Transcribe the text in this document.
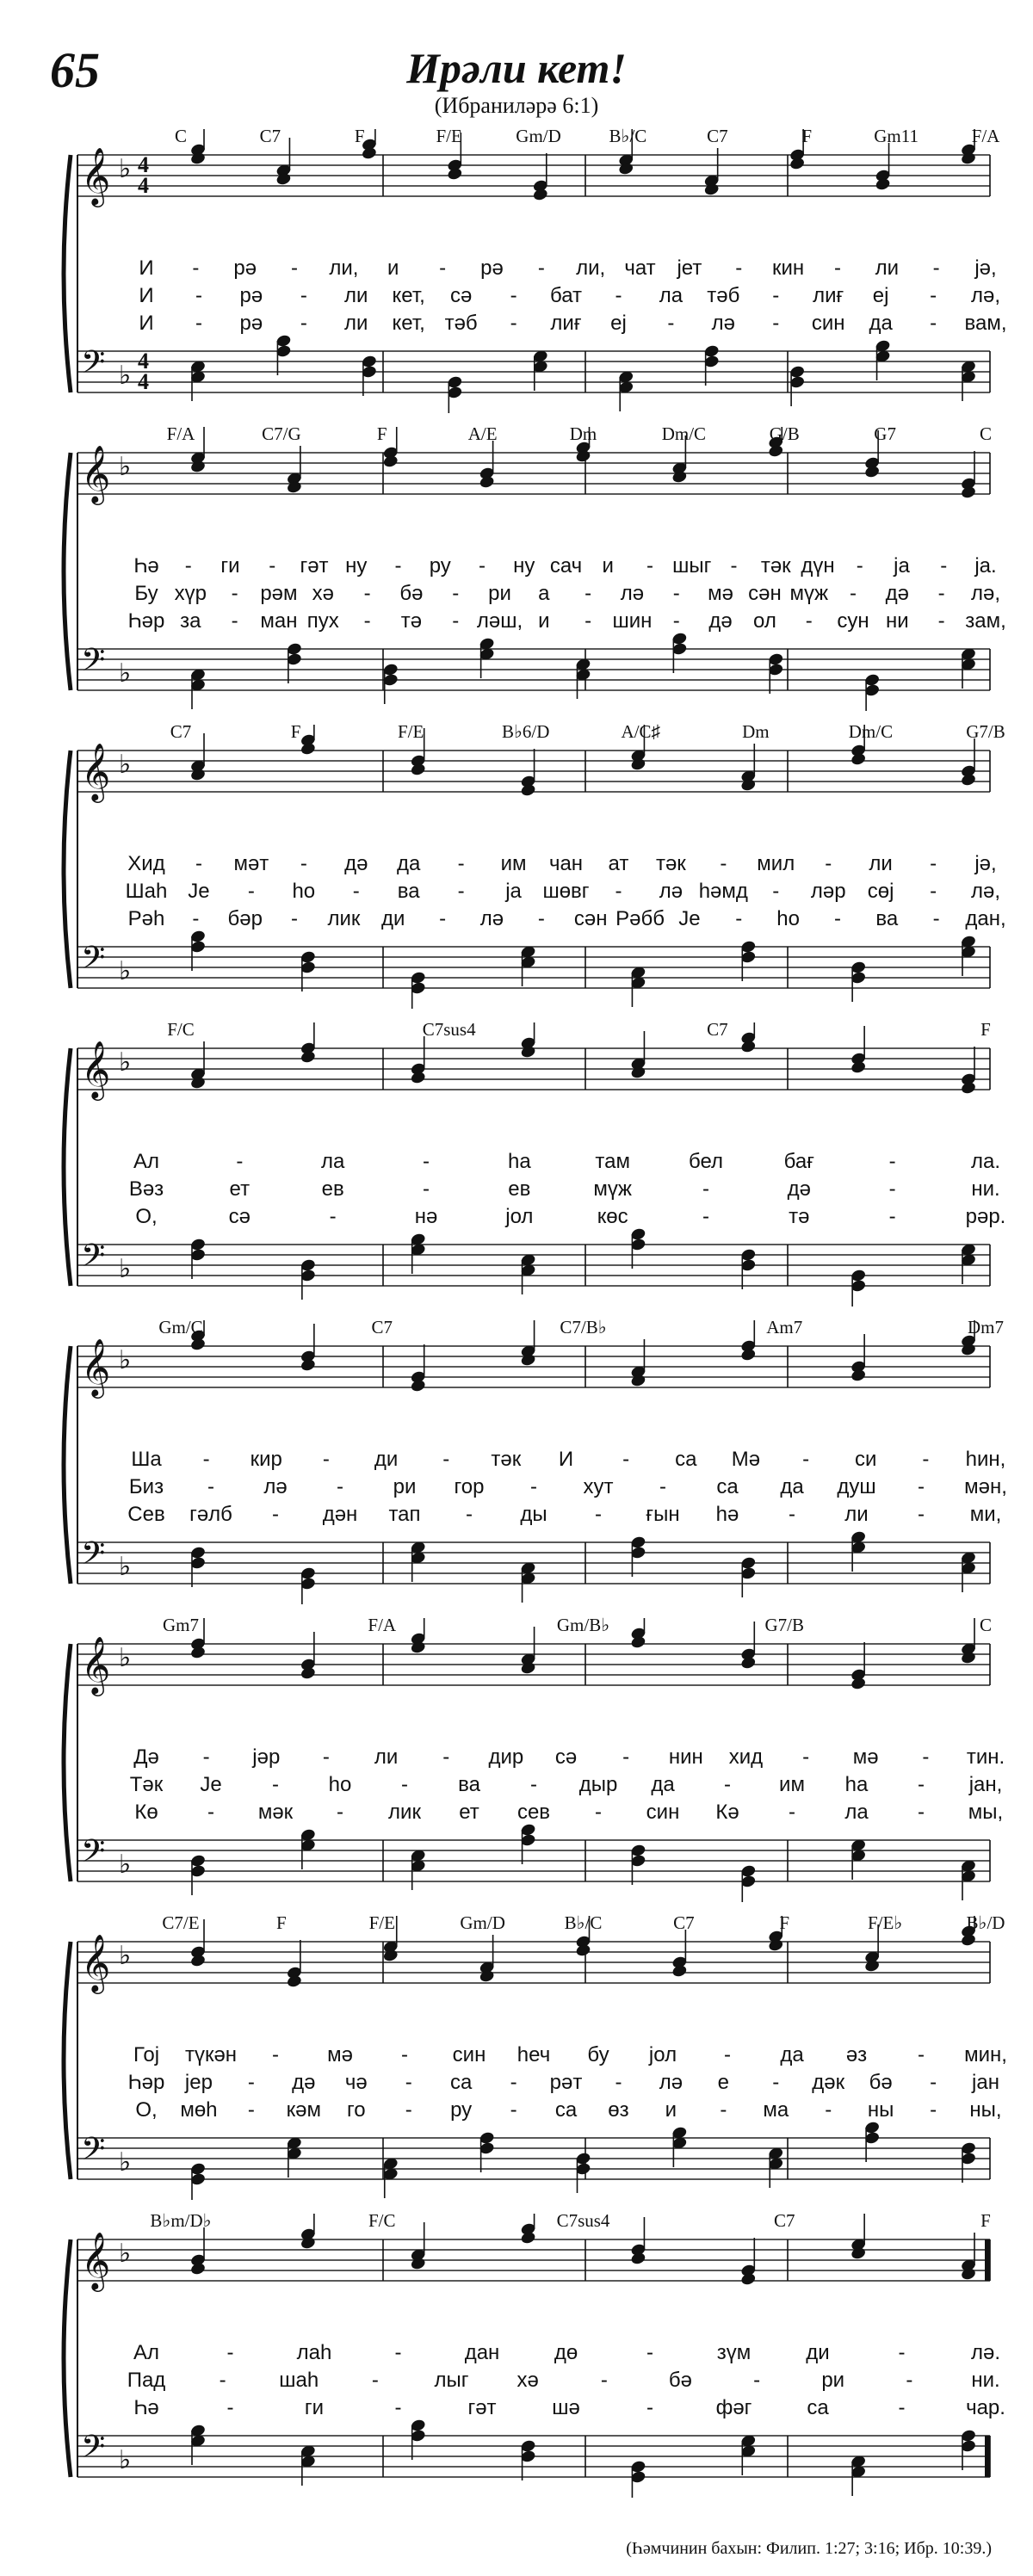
65	Ирәли кет!
(Ибраниләрә 6:1)
𝄞 ♭ 4
4
𝄢 ♭ 4
4
C	C7	F	F/E	Gm/D	B♭/C	C7	F	Gm11	F/A
И - рә - ли, и - рә - ли, чат јет - кин - ли - јә,
И - рә - ли кет, сә - бат - ла тәб - лиғ еј - лә,
И - рә - ли кет, тәб - лиғ еј - лә - син да - вам,
𝄞 ♭
𝄢 ♭
F/A	C7/G	F	A/E	Dm	Dm/C	G/B	G7	C
Һә - ги - гәт ну - ру - ну сач и - шыг - тәк дүн - ја - ја.
Бу хүр - рәм хә - бә - ри а - лә - мә сән мүж - дә - лә,
Һәр за - ман пух - тә - ләш, и - шин - дә ол - сун ни - зам,
𝄞 ♭
𝄢 ♭
C7	F	F/E	B♭6/D	A/C♯	Dm	Dm/C	G7/B
Хид - мәт - дә да - им чан ат тәк - мил - ли - јә,
Шаh Је - hо - ва - ја шөвг - лә һәмд - ләр сөј - лә,
Рәһ - бәр - лик ди - лә - сән Рәбб Је - hо - ва - дан,
𝄞 ♭
𝄢 ♭
F/C	C7sus4	C7	F
Ал	-	ла	-	hа	там	бел	бағ	-	ла.
Вәз	ет	ев	-	ев	мүж	-	дә	-	ни.
О,	сә	-	нә	јол	көс	-	тә	-	рәр.
𝄞 ♭
𝄢 ♭
Gm/C	C7	C7/B♭	Am7	Dm7
Ша - кир - ди - тәк И - са Мә - си - һин,
Биз - лә - ри гор - хут - са да душ - мән,
Сев гәлб - дән тап - ды - ғын һә - ли - ми,
𝄞 ♭
𝄢 ♭
Gm7	F/A	Gm/B♭	G7/B	C
Дә - јәр - ли - дир сә - нин хид - мә - тин.
Тәк Је - hо - ва - дыр да - им hа - јан,
Кө - мәк - лик ет сев - син Кә - ла - мы,
𝄞 ♭
𝄢 ♭
C7/E	F	F/E	Gm/D	B♭/C	C7	F	F/E♭	B♭/D
Гој түкән - мә - син һеч бу јол - да әз - мин,
Һәр јер - дә чә - са - рәт - лә е - дәк бә - јан
О, мөһ - кәм го - ру - са өз и - ма - ны - ны,
𝄞 ♭
𝄢 ♭
B♭m/D♭	F/C	C7sus4	C7	F
Ал	-	лаh	-	дан	дө	-	зүм	ди	-	лә.
Пад	-	шаh	-	лыг хә	-	бә	-	ри	-	ни.
Һә	-	ги	-	гәт	шә	-	фәг	са	-	чар.
(Һәмчинин бахын: Филип. 1:27; 3:16; Ибр. 10:39.)
